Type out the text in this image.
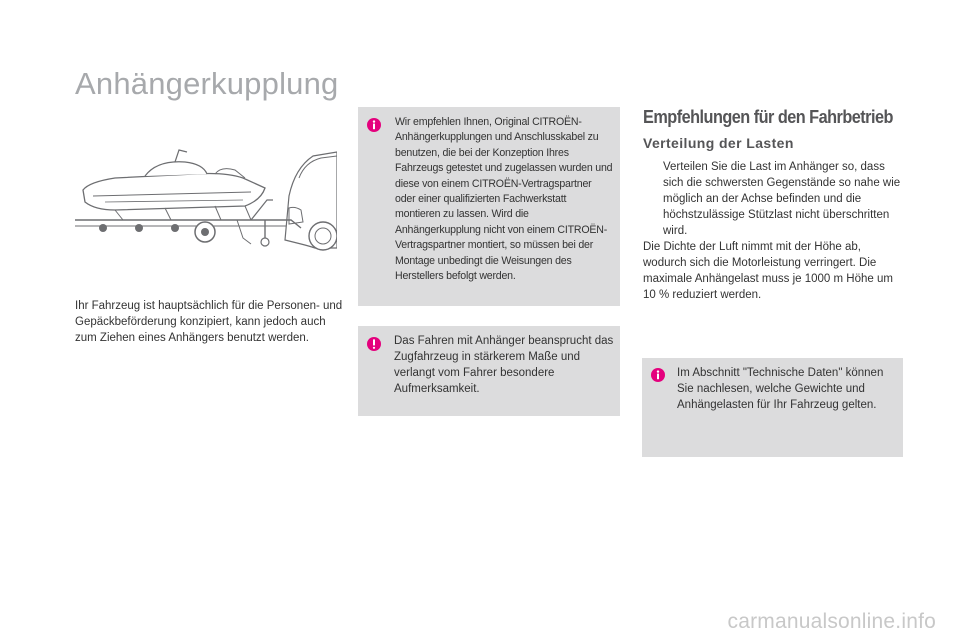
Anhängerkupplung

Ihr Fahrzeug ist hauptsächlich für die Personen- und Gepäckbeförderung konzipiert, kann jedoch auch zum Ziehen eines Anhängers benutzt werden.

Wir empfehlen Ihnen, Original CITROËN-Anhängerkupplungen und Anschlusskabel zu benutzen, die bei der Konzeption Ihres Fahrzeugs getestet und zugelassen wurden und diese von einem CITROËN-Vertragspartner oder einer qualifizierten Fachwerkstatt montieren zu lassen. Wird die Anhängerkupplung nicht von einem CITROËN-Vertragspartner montiert, so müssen bei der Montage unbedingt die Weisungen des Herstellers befolgt werden.
Das Fahren mit Anhänger beansprucht das Zugfahrzeug in stärkerem Maße und verlangt vom Fahrer besondere Aufmerksamkeit.
Empfehlungen für den Fahrbetrieb
Verteilung der Lasten
Verteilen Sie die Last im Anhänger so, dass sich die schwersten Gegenstände so nahe wie möglich an der Achse befinden und die höchstzulässige Stützlast nicht überschritten wird.

Die Dichte der Luft nimmt mit der Höhe ab, wodurch sich die Motorleistung verringert. Die maximale Anhängelast muss je 1000 m Höhe um 10 % reduziert werden.

Im Abschnitt "Technische Daten" können Sie nachlesen, welche Gewichte und Anhängelasten für Ihr Fahrzeug gelten.
carmanualsonline.info
